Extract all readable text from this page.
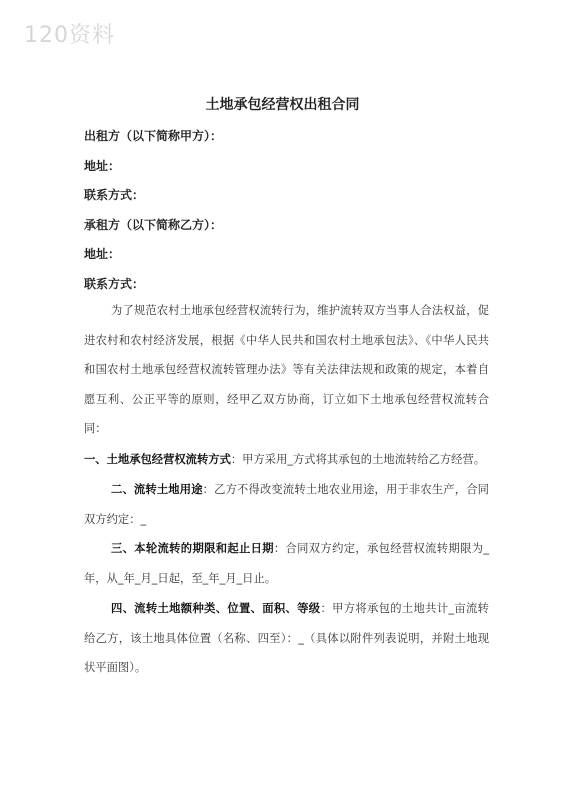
120资料
土地承包经营权出租合同
出租方（以下简称甲方）：
地址：
联系方式：
承租方（以下简称乙方）：
地址：
联系方式：
为了规范农村土地承包经营权流转行为，维护流转双方当事人合法权益，促进农村和农村经济发展，根据《中华人民共和国农村土地承包法》、《中华人民共和国农村土地承包经营权流转管理办法》等有关法律法规和政策的规定，本着自愿互利、公正平等的原则，经甲乙双方协商，订立如下土地承包经营权流转合同：
一、土地承包经营权流转方式：甲方采用_方式将其承包的土地流转给乙方经营。
二、流转土地用途：乙方不得改变流转土地农业用途，用于非农生产，合同双方约定：_
三、本轮流转的期限和起止日期：合同双方约定，承包经营权流转期限为_年，从_年_月_日起，至_年_月_日止。
四、流转土地额种类、位置、面积、等级：甲方将承包的土地共计_亩流转给乙方，该土地具体位置（名称、四至）：_（具体以附件列表说明，并附土地现状平面图）。
